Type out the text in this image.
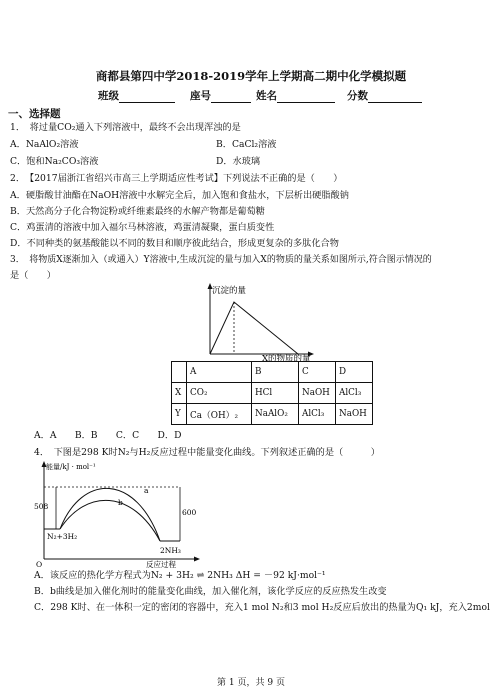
商都县第四中学2018-2019学年上学期高二期中化学模拟题
班级	座号	姓名	分数
一、选择题
1．　将过量CO₂通入下列溶液中，最终不会出现浑浊的是
A．NaAlO₂溶液	B．CaCl₂溶液
C．饱和Na₂CO₃溶液	D．水玻璃
2．　【2017届浙江省绍兴市高三上学期适应性考试】下列说法不正确的是（　　）
A．硬脂酸甘油酯在NaOH溶液中水解完全后，加入饱和食盐水，下层析出硬脂酸钠
B．天然高分子化合物淀粉或纤维素最终的水解产物都是葡萄糖
C．鸡蛋清的溶液中加入福尔马林溶液，鸡蛋清凝聚，蛋白质变性
D．不同种类的氨基酸能以不同的数目和顺序彼此结合，形成更复杂的多肽化合物
3．　将物质X逐渐加入（或通入）Y溶液中,生成沉淀的量与加入X的物质的量关系如图所示,符合图示情况的
是（　　）
沉淀的量
X的物质的量
	A	B	C	D
X	CO₂	HCl	NaOH	AlCl₃
Y	Ca（OH）₂	NaAlO₂	AlCl₃	NaOH
A．A　　B．B　　C．C　　D．D
4．　下图是298 K时N₂与H₂反应过程中能量变化曲线。下列叙述正确的是（　　　）
能量/kJ · mol⁻¹
508
600
a
b
N₂+3H₂
2NH₃
O	反应过程
A．该反应的热化学方程式为N₂ + 3H₂ ⇌ 2NH₃ ΔH = －92 kJ·mol⁻¹
B．b曲线是加入催化剂时的能量变化曲线，加入催化剂，该化学反应的反应热发生改变
C．298 K时、在一体积一定的密闭的容器中，充入1 mol N₂和3 mol H₂反应后放出的热量为Q₁ kJ，充入2mol
第 1 页，共 9 页
